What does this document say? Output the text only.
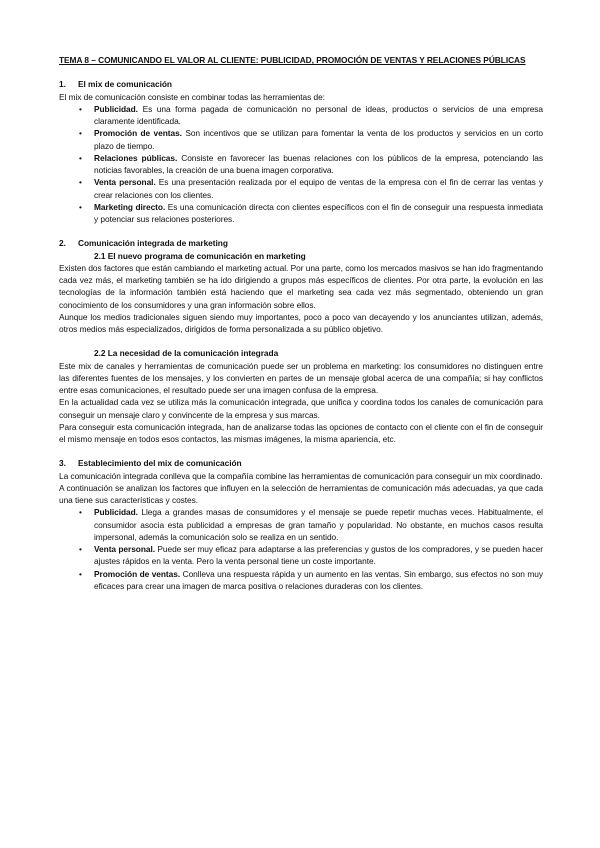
TEMA 8 – COMUNICANDO EL VALOR AL CLIENTE: PUBLICIDAD, PROMOCIÓN DE VENTAS Y RELACIONES PÚBLICAS

1. El mix de comunicación

El mix de comunicación consiste en combinar todas las herramientas de:

• Publicidad. Es una forma pagada de comunicación no personal de ideas, productos o servicios de una empresa claramente identificada.
• Promoción de ventas. Son incentivos que se utilizan para fomentar la venta de los productos y servicios en un corto plazo de tiempo.
• Relaciones públicas. Consiste en favorecer las buenas relaciones con los públicos de la empresa, potenciando las noticias favorables, la creación de una buena imagen corporativa.
• Venta personal. Es una presentación realizada por el equipo de ventas de la empresa con el fin de cerrar las ventas y crear relaciones con los clientes.
• Marketing directo. Es una comunicación directa con clientes específicos con el fin de conseguir una respuesta inmediata y potenciar sus relaciones posteriores.
2. Comunicación integrada de marketing
2.1 El nuevo programa de comunicación en marketing

Existen dos factores que están cambiando el marketing actual. Por una parte, como los mercados masivos se han ido fragmentando cada vez más, el marketing también se ha ido dirigiendo a grupos más específicos de clientes. Por otra parte, la evolución en las tecnologías de la información también está haciendo que el marketing sea cada vez más segmentado, obteniendo un gran conocimiento de los consumidores y una gran información sobre ellos.

Aunque los medios tradicionales siguen siendo muy importantes, poco a poco van decayendo y los anunciantes utilizan, además, otros medios más especializados, dirigidos de forma personalizada a su público objetivo.

2.2 La necesidad de la comunicación integrada

Este mix de canales y herramientas de comunicación puede ser un problema en marketing: los consumidores no distinguen entre las diferentes fuentes de los mensajes, y los convierten en partes de un mensaje global acerca de una compañía; si hay conflictos entre esas comunicaciones, el resultado puede ser una imagen confusa de la empresa.

En la actualidad cada vez se utiliza más la comunicación integrada, que unifica y coordina todos los canales de comunicación para conseguir un mensaje claro y convincente de la empresa y sus marcas.

Para conseguir esta comunicación integrada, han de analizarse todas las opciones de contacto con el cliente con el fin de conseguir el mismo mensaje en todos esos contactos, las mismas imágenes, la misma apariencia, etc.

3. Establecimiento del mix de comunicación

La comunicación integrada conlleva que la compañía combine las herramientas de comunicación para conseguir un mix coordinado.

A continuación se analizan los factores que influyen en la selección de herramientas de comunicación más adecuadas, ya que cada una tiene sus características y costes.

• Publicidad. Llega a grandes masas de consumidores y el mensaje se puede repetir muchas veces. Habitualmente, el consumidor asocia esta publicidad a empresas de gran tamaño y popularidad. No obstante, en muchos casos resulta impersonal, además la comunicación solo se realiza en un sentido.
• Venta personal. Puede ser muy eficaz para adaptarse a las preferencias y gustos de los compradores, y se pueden hacer ajustes rápidos en la venta. Pero la venta personal tiene un coste importante.
• Promoción de ventas. Conlleva una respuesta rápida y un aumento en las ventas. Sin embargo, sus efectos no son muy eficaces para crear una imagen de marca positiva o relaciones duraderas con los clientes.
